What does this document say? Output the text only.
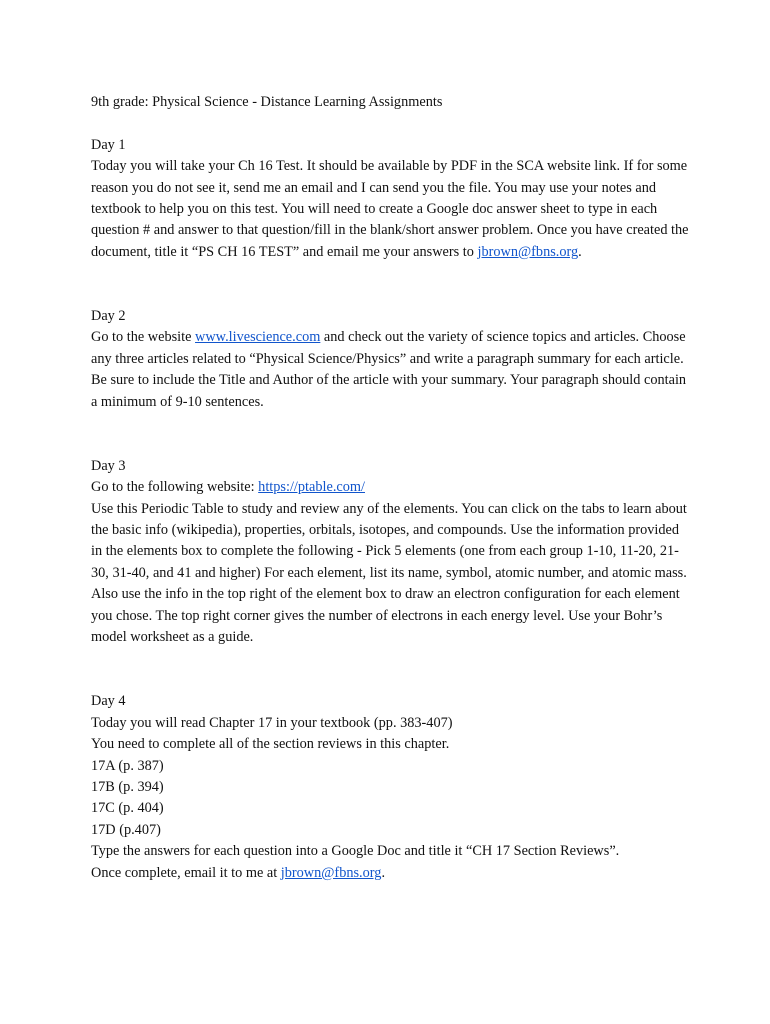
9th grade: Physical Science - Distance Learning Assignments

Day 1

Today you will take your Ch 16 Test. It should be available by PDF in the SCA website link. If for some reason you do not see it, send me an email and I can send you the file. You may use your notes and textbook to help you on this test. You will need to create a Google doc answer sheet to type in each question # and answer to that question/fill in the blank/short answer problem. Once you have created the document, title it “PS CH 16 TEST” and email me your answers to jbrown@fbns.org.

Day 2

Go to the website www.livescience.com and check out the variety of science topics and articles. Choose any three articles related to “Physical Science/Physics” and write a paragraph summary for each article. Be sure to include the Title and Author of the article with your summary. Your paragraph should contain a minimum of 9-10 sentences.

Day 3

Go to the following website: https://ptable.com/

Use this Periodic Table to study and review any of the elements. You can click on the tabs to learn about the basic info (wikipedia), properties, orbitals, isotopes, and compounds. Use the information provided in the elements box to complete the following - Pick 5 elements (one from each group 1-10, 11-20, 21-30, 31-40, and 41 and higher) For each element, list its name, symbol, atomic number, and atomic mass. Also use the info in the top right of the element box to draw an electron configuration for each element you chose. The top right corner gives the number of electrons in each energy level. Use your Bohr’s model worksheet as a guide.

Day 4

Today you will read Chapter 17 in your textbook (pp. 383-407)

You need to complete all of the section reviews in this chapter.

17A (p. 387)

17B (p. 394)

17C (p. 404)

17D (p.407)

Type the answers for each question into a Google Doc and title it “CH 17 Section Reviews”.

Once complete, email it to me at jbrown@fbns.org.
